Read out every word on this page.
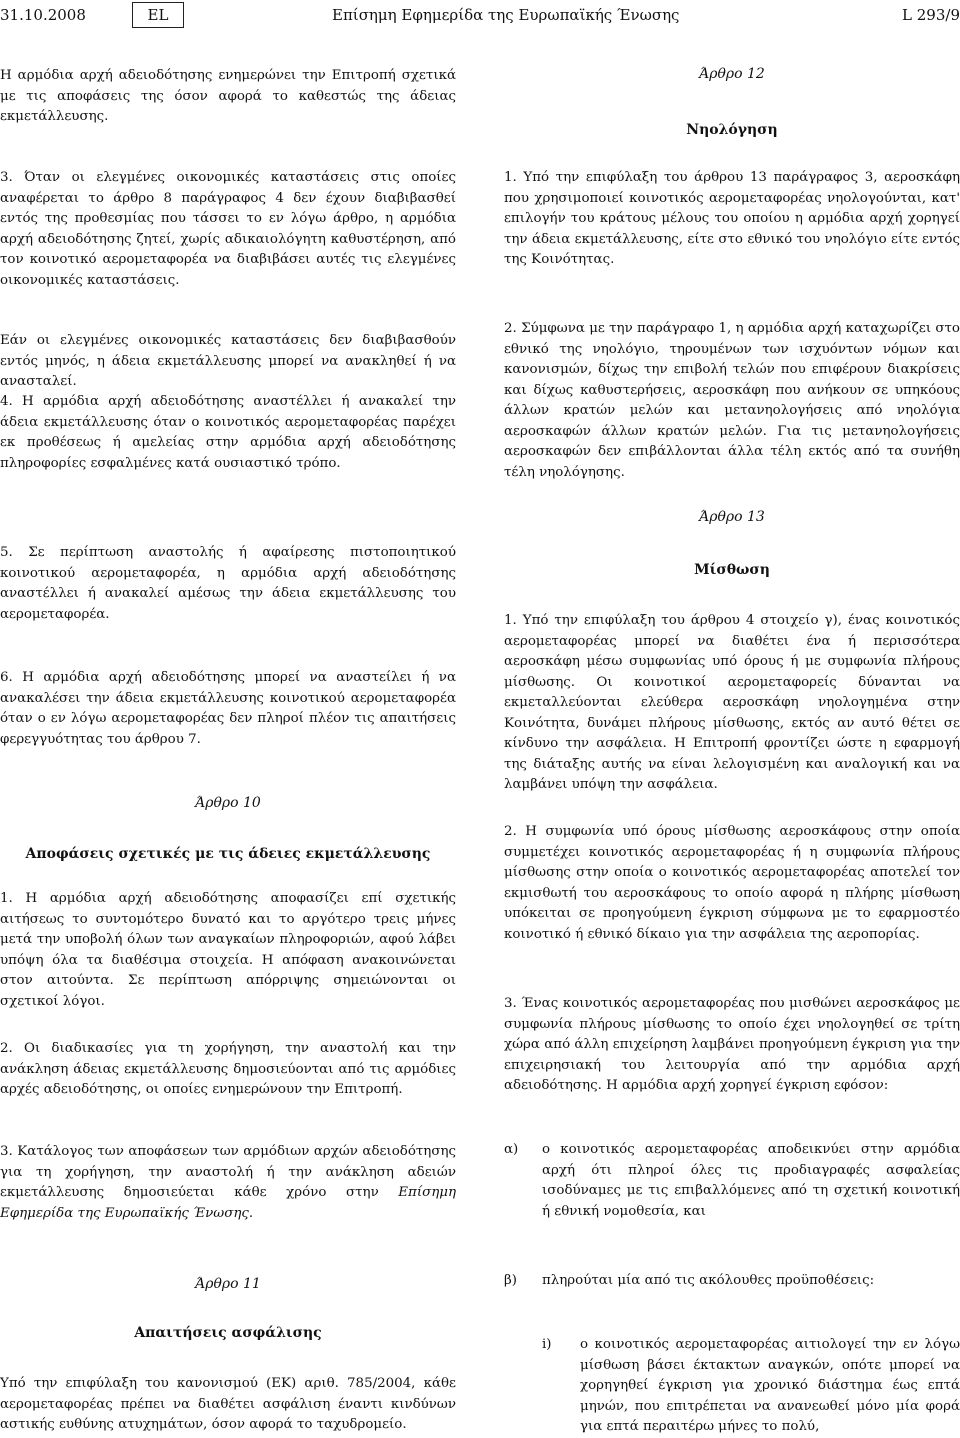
31.10.2008	EL	Επίσημη Εφημερίδα της Ευρωπαϊκής Ένωσης	L 293/9

Η αρμόδια αρχή αδειοδότησης ενημερώνει την Επιτροπή σχετικά με τις αποφάσεις της όσον αφορά το καθεστώς της άδειας εκμετάλλευσης.

3. Όταν οι ελεγμένες οικονομικές καταστάσεις στις οποίες αναφέρεται το άρθρο 8 παράγραφος 4 δεν έχουν διαβιβασθεί εντός της προθεσμίας που τάσσει το εν λόγω άρθρο, η αρμόδια αρχή αδειοδότησης ζητεί, χωρίς αδικαιολόγητη καθυστέρηση, από τον κοινοτικό αερομεταφορέα να διαβιβάσει αυτές τις ελεγμένες οικονομικές καταστάσεις.

Εάν οι ελεγμένες οικονομικές καταστάσεις δεν διαβιβασθούν εντός μηνός, η άδεια εκμετάλλευσης μπορεί να ανακληθεί ή να ανασταλεί.

4. Η αρμόδια αρχή αδειοδότησης αναστέλλει ή ανακαλεί την άδεια εκμετάλλευσης όταν ο κοινοτικός αερομεταφορέας παρέχει εκ προθέσεως ή αμελείας στην αρμόδια αρχή αδειοδότησης πληροφορίες εσφαλμένες κατά ουσιαστικό τρόπο.

5. Σε περίπτωση αναστολής ή αφαίρεσης πιστοποιητικού κοινοτικού αερομεταφορέα, η αρμόδια αρχή αδειοδότησης αναστέλλει ή ανακαλεί αμέσως την άδεια εκμετάλλευσης του αερομεταφορέα.

6. Η αρμόδια αρχή αδειοδότησης μπορεί να αναστείλει ή να ανακαλέσει την άδεια εκμετάλλευσης κοινοτικού αερομεταφορέα όταν ο εν λόγω αερομεταφορέας δεν πληροί πλέον τις απαιτήσεις φερεγγυότητας του άρθρου 7.

Άρθρο 10
Αποφάσεις σχετικές με τις άδειες εκμετάλλευσης

1. Η αρμόδια αρχή αδειοδότησης αποφασίζει επί σχετικής αιτήσεως το συντομότερο δυνατό και το αργότερο τρεις μήνες μετά την υποβολή όλων των αναγκαίων πληροφοριών, αφού λάβει υπόψη όλα τα διαθέσιμα στοιχεία. Η απόφαση ανακοινώνεται στον αιτούντα. Σε περίπτωση απόρριψης σημειώνονται οι σχετικοί λόγοι.

2. Οι διαδικασίες για τη χορήγηση, την αναστολή και την ανάκληση άδειας εκμετάλλευσης δημοσιεύονται από τις αρμόδιες αρχές αδειοδότησης, οι οποίες ενημερώνουν την Επιτροπή.

3. Κατάλογος των αποφάσεων των αρμόδιων αρχών αδειοδότησης για τη χορήγηση, την αναστολή ή την ανάκληση αδειών εκμετάλλευσης δημοσιεύεται κάθε χρόνο στην Επίσημη Εφημερίδα της Ευρωπαϊκής Ένωσης.

Άρθρο 11
Απαιτήσεις ασφάλισης

Υπό την επιφύλαξη του κανονισμού (ΕΚ) αριθ. 785/2004, κάθε αερομεταφορέας πρέπει να διαθέτει ασφάλιση έναντι κινδύνων αστικής ευθύνης ατυχημάτων, όσον αφορά το ταχυδρομείο.

Άρθρο 12
Νηολόγηση

1. Υπό την επιφύλαξη του άρθρου 13 παράγραφος 3, αεροσκάφη που χρησιμοποιεί κοινοτικός αερομεταφορέας νηολογούνται, κατ' επιλογήν του κράτους μέλους του οποίου η αρμόδια αρχή χορηγεί την άδεια εκμετάλλευσης, είτε στο εθνικό του νηολόγιο είτε εντός της Κοινότητας.

2. Σύμφωνα με την παράγραφο 1, η αρμόδια αρχή καταχωρίζει στο εθνικό της νηολόγιο, τηρουμένων των ισχυόντων νόμων και κανονισμών, δίχως την επιβολή τελών που επιφέρουν διακρίσεις και δίχως καθυστερήσεις, αεροσκάφη που ανήκουν σε υπηκόους άλλων κρατών μελών και μετανηολογήσεις από νηολόγια αεροσκαφών άλλων κρατών μελών. Για τις μετανηολογήσεις αεροσκαφών δεν επιβάλλονται άλλα τέλη εκτός από τα συνήθη τέλη νηολόγησης.

Άρθρο 13
Μίσθωση

1. Υπό την επιφύλαξη του άρθρου 4 στοιχείο γ), ένας κοινοτικός αερομεταφορέας μπορεί να διαθέτει ένα ή περισσότερα αεροσκάφη μέσω συμφωνίας υπό όρους ή με συμφωνία πλήρους μίσθωσης. Οι κοινοτικοί αερομεταφορείς δύνανται να εκμεταλλεύονται ελεύθερα αεροσκάφη νηολογημένα στην Κοινότητα, δυνάμει πλήρους μίσθωσης, εκτός αν αυτό θέτει σε κίνδυνο την ασφάλεια. Η Επιτροπή φροντίζει ώστε η εφαρμογή της διάταξης αυτής να είναι λελογισμένη και αναλογική και να λαμβάνει υπόψη την ασφάλεια.

2. Η συμφωνία υπό όρους μίσθωσης αεροσκάφους στην οποία συμμετέχει κοινοτικός αερομεταφορέας ή η συμφωνία πλήρους μίσθωσης στην οποία ο κοινοτικός αερομεταφορέας αποτελεί τον εκμισθωτή του αεροσκάφους το οποίο αφορά η πλήρης μίσθωση υπόκειται σε προηγούμενη έγκριση σύμφωνα με το εφαρμοστέο κοινοτικό ή εθνικό δίκαιο για την ασφάλεια της αεροπορίας.

3. Ένας κοινοτικός αερομεταφορέας που μισθώνει αεροσκάφος με συμφωνία πλήρους μίσθωσης το οποίο έχει νηολογηθεί σε τρίτη χώρα από άλλη επιχείρηση λαμβάνει προηγούμενη έγκριση για την επιχειρησιακή του λειτουργία από την αρμόδια αρχή αδειοδότησης. Η αρμόδια αρχή χορηγεί έγκριση εφόσον:

α) ο κοινοτικός αερομεταφορέας αποδεικνύει στην αρμόδια αρχή ότι πληροί όλες τις προδιαγραφές ασφαλείας ισοδύναμες με τις επιβαλλόμενες από τη σχετική κοινοτική ή εθνική νομοθεσία, και
β) πληρούται μία από τις ακόλουθες προϋποθέσεις:
i) ο κοινοτικός αερομεταφορέας αιτιολογεί την εν λόγω μίσθωση βάσει έκτακτων αναγκών, οπότε μπορεί να χορηγηθεί έγκριση για χρονικό διάστημα έως επτά μηνών, που επιτρέπεται να ανανεωθεί μόνο μία φορά για επτά περαιτέρω μήνες το πολύ,
